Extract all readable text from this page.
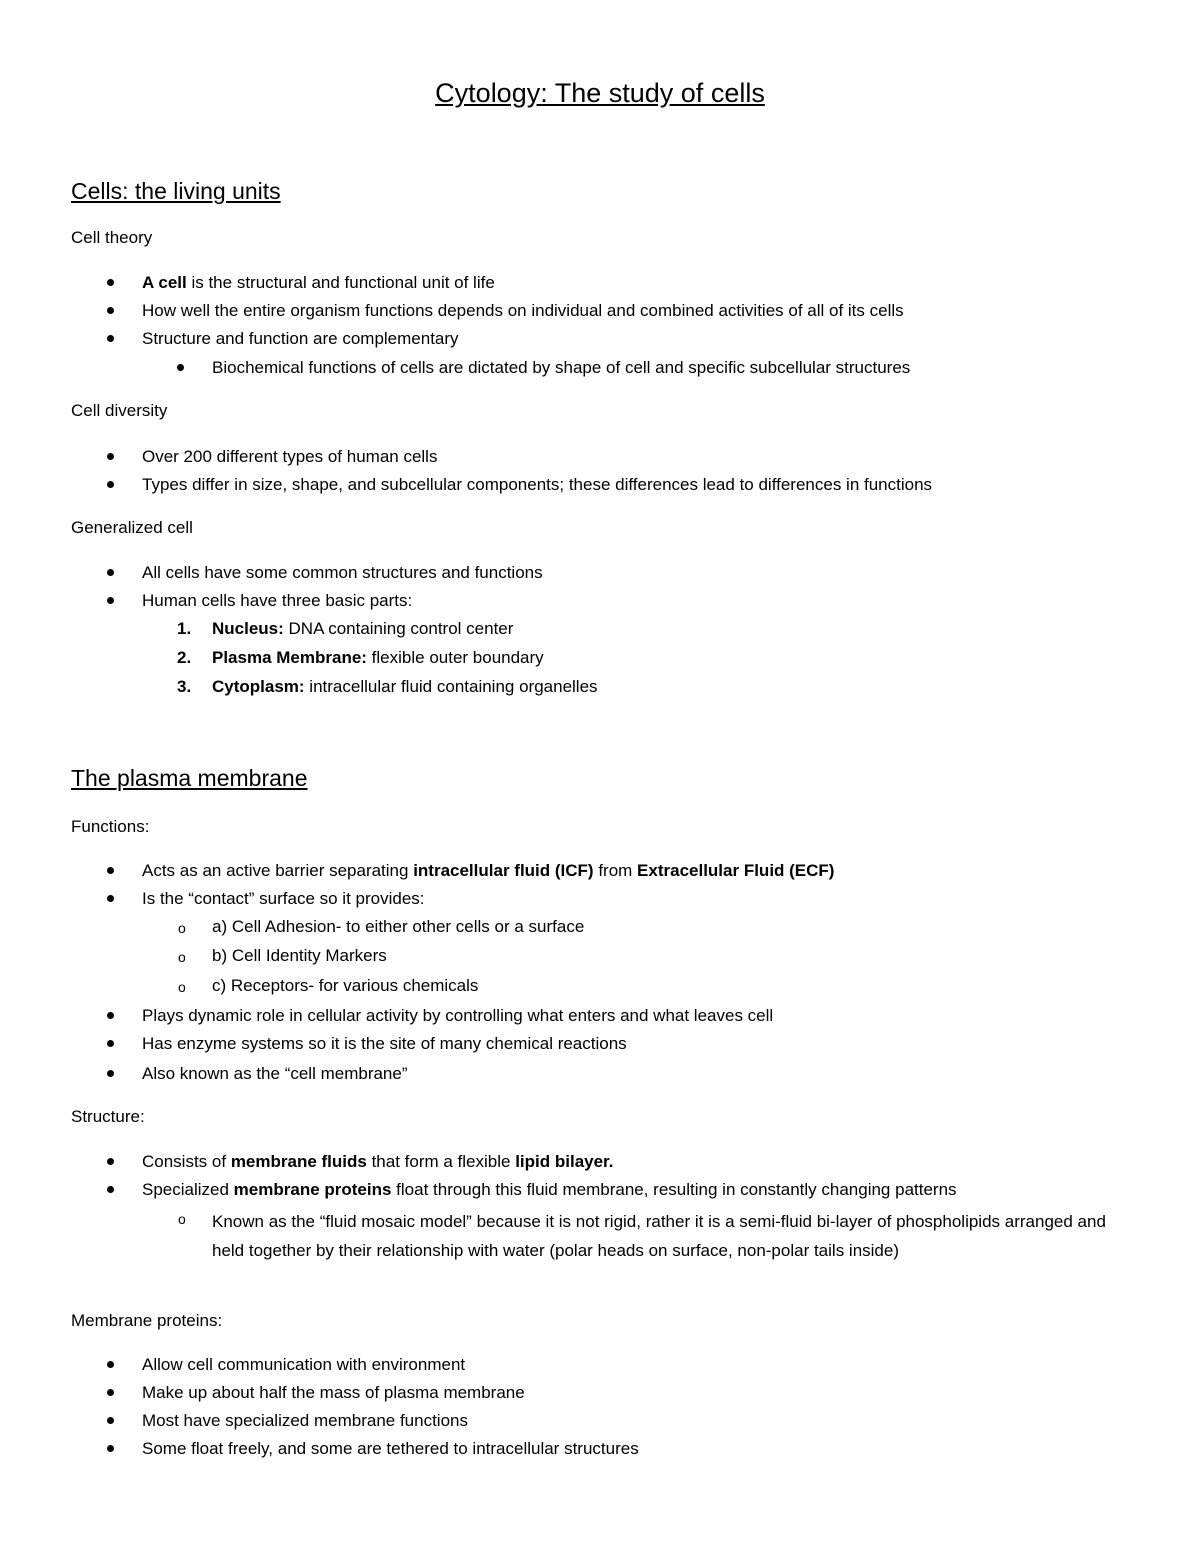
Cytology: The study of cells
Cells: the living units
Cell theory
A cell is the structural and functional unit of life
How well the entire organism functions depends on individual and combined activities of all of its cells
Structure and function are complementary
Biochemical functions of cells are dictated by shape of cell and specific subcellular structures
Cell diversity
Over 200 different types of human cells
Types differ in size, shape, and subcellular components; these differences lead to differences in functions
Generalized cell
All cells have some common structures and functions
Human cells have three basic parts:
1. Nucleus: DNA containing control center
2. Plasma Membrane: flexible outer boundary
3. Cytoplasm: intracellular fluid containing organelles
The plasma membrane
Functions:
Acts as an active barrier separating intracellular fluid (ICF) from Extracellular Fluid (ECF)
Is the “contact” surface so it provides:
o a) Cell Adhesion- to either other cells or a surface
o b) Cell Identity Markers
o c) Receptors- for various chemicals
Plays dynamic role in cellular activity by controlling what enters and what leaves cell
Has enzyme systems so it is the site of many chemical reactions
Also known as the “cell membrane”
Structure:
Consists of membrane fluids that form a flexible lipid bilayer.
Specialized membrane proteins float through this fluid membrane, resulting in constantly changing patterns
o Known as the “fluid mosaic model” because it is not rigid, rather it is a semi-fluid bi-layer of phospholipids arranged and held together by their relationship with water (polar heads on surface, non-polar tails inside)
Membrane proteins:
Allow cell communication with environment
Make up about half the mass of plasma membrane
Most have specialized membrane functions
Some float freely, and some are tethered to intracellular structures
